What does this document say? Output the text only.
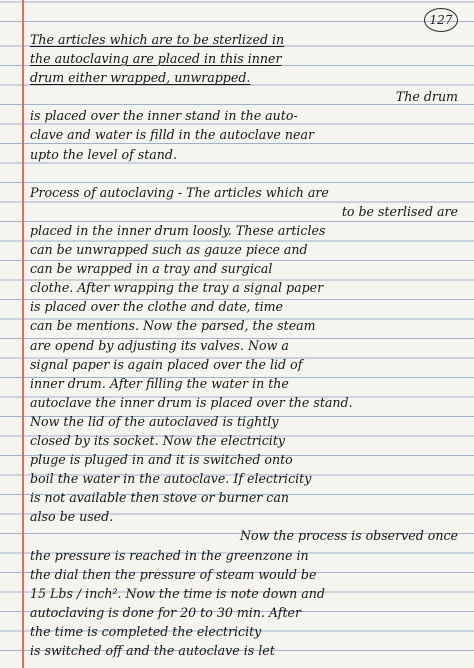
127
The articles which are to be sterlized in
the autoclaving are placed in this inner
drum either wrapped, unwrapped.
The drum
is placed over the inner stand in the auto-
clave and water is filld in the autoclave near
upto the level of stand.
Process of autoclaving - The articles which are
to be sterlised are
placed in the inner drum loosly. These articles
can be unwrapped such as gauze piece and
can be wrapped in a tray and surgical
clothe. After wrapping the tray a signal paper
is placed over the clothe and date, time
can be mentions. Now the parsed, the steam
are opend by adjusting its valves. Now a
signal paper is again placed over the lid of
inner drum. After filling the water in the
autoclave the inner drum is placed over the stand.
Now the lid of the autoclaved is tightly
closed by its socket. Now the electricity
pluge is pluged in and it is switched onto
boil the water in the autoclave. If electricity
is not available then stove or burner can
also be used.
Now the process is observed once
the pressure is reached in the greenzone in
the dial then the pressure of steam would be
15 Lbs / inch². Now the time is note down and
autoclaving is done for 20 to 30 min. After
the time is completed the electricity
is switched off and the autoclave is let
